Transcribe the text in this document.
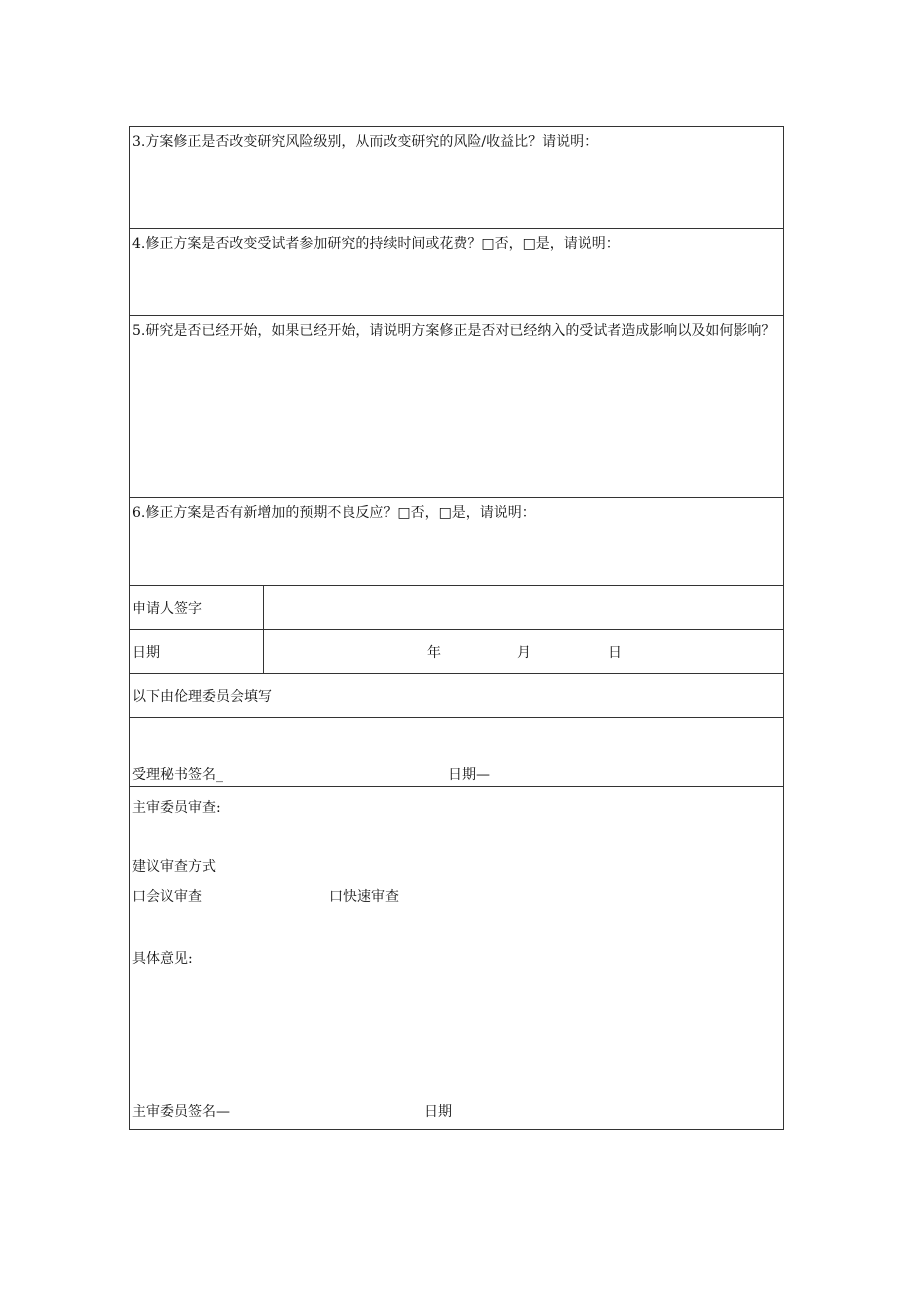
3.方案修正是否改变研究风险级别，从而改变研究的风险/收益比？请说明：
4.修正方案是否改变受试者参加研究的持续时间或花费？□否，□是，请说明：
5.研究是否已经开始，如果已经开始，请说明方案修正是否对已经纳入的受试者造成影响以及如何影响？
6.修正方案是否有新增加的预期不良反应？□否，□是，请说明：
申请人签字
日期	年	月	日
以下由伦理委员会填写
受理秘书签名_	日期—
主审委员审查:
建议审查方式
口会议审查	口快速审查
具体意见:
主审委员签名—	日期
